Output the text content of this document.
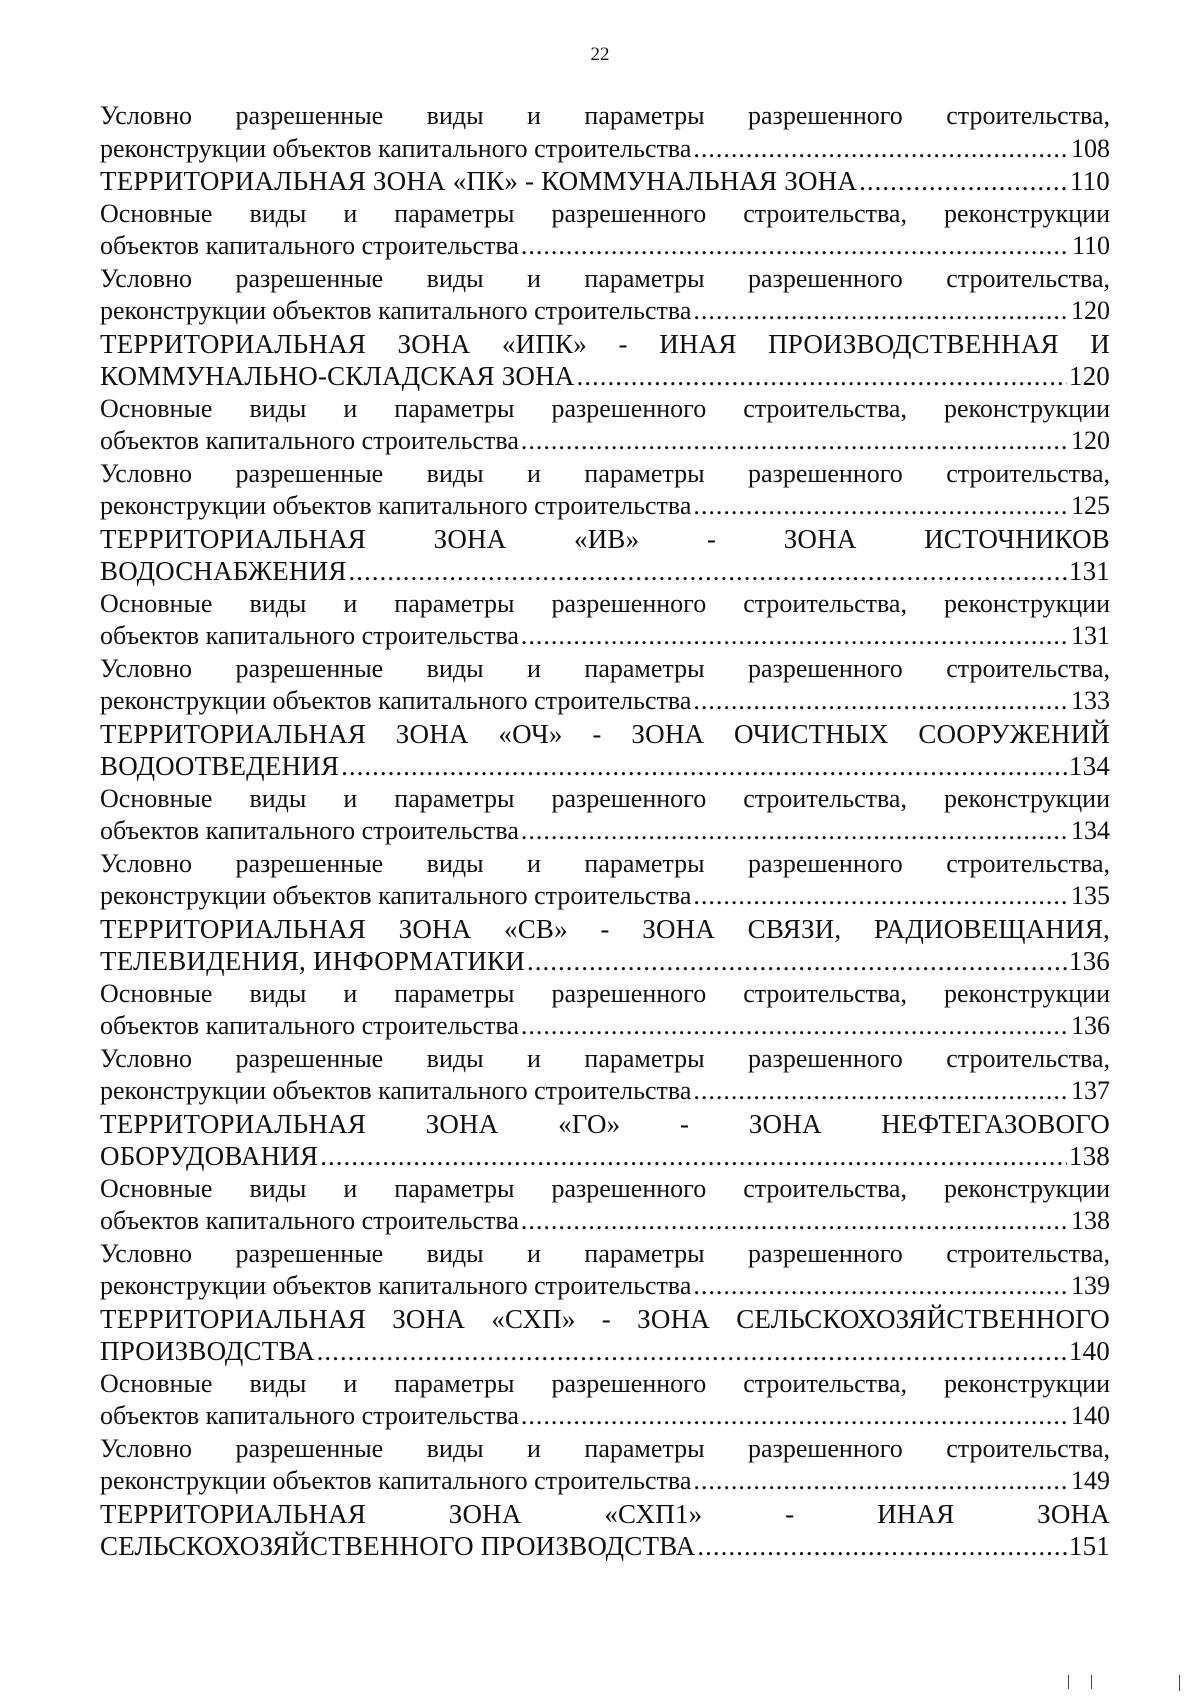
22
Условно разрешенные виды и параметры разрешенного строительства,
реконструкции объектов капитального строительства .....	108
ТЕРРИТОРИАЛЬНАЯ ЗОНА «ПК» - КОММУНАЛЬНАЯ ЗОНА .....	110
Основные виды и параметры разрешенного строительства, реконструкции
объектов капитального строительства .....	110
Условно разрешенные виды и параметры разрешенного строительства,
реконструкции объектов капитального строительства .....	120
ТЕРРИТОРИАЛЬНАЯ ЗОНА «ИПК» - ИНАЯ ПРОИЗВОДСТВЕННАЯ И
КОММУНАЛЬНО-СКЛАДСКАЯ ЗОНА .....	120
Основные виды и параметры разрешенного строительства, реконструкции
объектов капитального строительства .....	120
Условно разрешенные виды и параметры разрешенного строительства,
реконструкции объектов капитального строительства .....	125
ТЕРРИТОРИАЛЬНАЯ ЗОНА «ИВ» - ЗОНА ИСТОЧНИКОВ
ВОДОСНАБЖЕНИЯ .....	131
Основные виды и параметры разрешенного строительства, реконструкции
объектов капитального строительства .....	131
Условно разрешенные виды и параметры разрешенного строительства,
реконструкции объектов капитального строительства .....	133
ТЕРРИТОРИАЛЬНАЯ ЗОНА «ОЧ» - ЗОНА ОЧИСТНЫХ СООРУЖЕНИЙ
ВОДООТВЕДЕНИЯ .....	134
Основные виды и параметры разрешенного строительства, реконструкции
объектов капитального строительства .....	134
Условно разрешенные виды и параметры разрешенного строительства,
реконструкции объектов капитального строительства .....	135
ТЕРРИТОРИАЛЬНАЯ ЗОНА «СВ» - ЗОНА СВЯЗИ, РАДИОВЕЩАНИЯ,
ТЕЛЕВИДЕНИЯ, ИНФОРМАТИКИ .....	136
Основные виды и параметры разрешенного строительства, реконструкции
объектов капитального строительства .....	136
Условно разрешенные виды и параметры разрешенного строительства,
реконструкции объектов капитального строительства .....	137
ТЕРРИТОРИАЛЬНАЯ ЗОНА «ГО» - ЗОНА НЕФТЕГАЗОВОГО
ОБОРУДОВАНИЯ .....	138
Основные виды и параметры разрешенного строительства, реконструкции
объектов капитального строительства .....	138
Условно разрешенные виды и параметры разрешенного строительства,
реконструкции объектов капитального строительства .....	139
ТЕРРИТОРИАЛЬНАЯ ЗОНА «СХП» - ЗОНА СЕЛЬСКОХОЗЯЙСТВЕННОГО
ПРОИЗВОДСТВА .....	140
Основные виды и параметры разрешенного строительства, реконструкции
объектов капитального строительства .....	140
Условно разрешенные виды и параметры разрешенного строительства,
реконструкции объектов капитального строительства .....	149
ТЕРРИТОРИАЛЬНАЯ ЗОНА «СХП1» - ИНАЯ ЗОНА
СЕЛЬСКОХОЗЯЙСТВЕННОГО ПРОИЗВОДСТВА .....	151
